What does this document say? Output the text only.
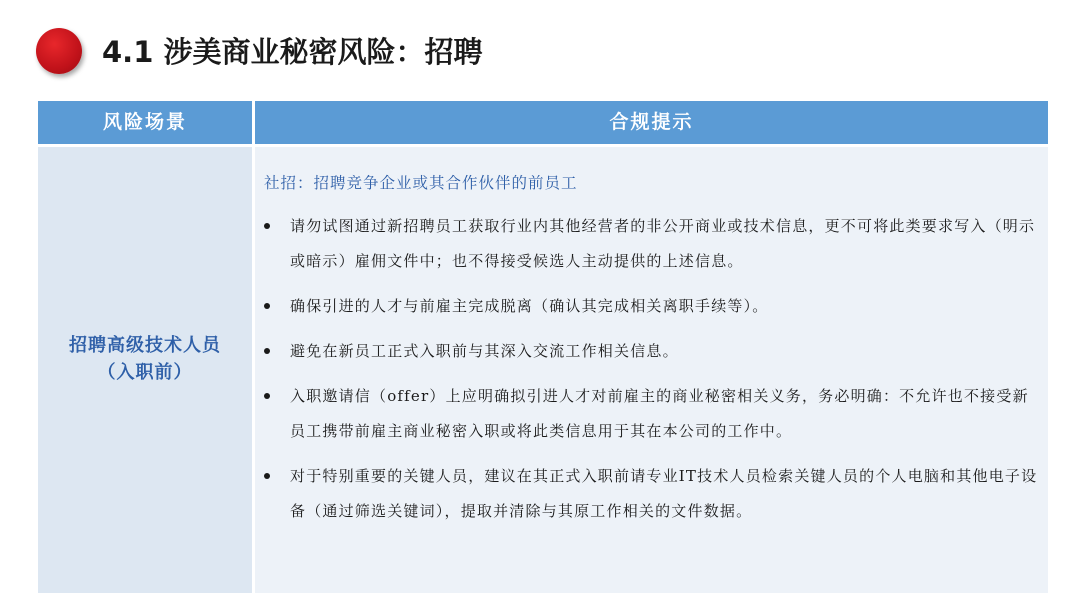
4.1 涉美商业秘密风险：招聘
风险场景	合规提示
招聘高级技术人员
（入职前）
社招：招聘竞争企业或其合作伙伴的前员工
请勿试图通过新招聘员工获取行业内其他经营者的非公开商业或技术信息，更不可将此类要求写入（明示或暗示）雇佣文件中；也不得接受候选人主动提供的上述信息。
确保引进的人才与前雇主完成脱离（确认其完成相关离职手续等）。
避免在新员工正式入职前与其深入交流工作相关信息。
入职邀请信（offer）上应明确拟引进人才对前雇主的商业秘密相关义务，务必明确：不允许也不接受新员工携带前雇主商业秘密入职或将此类信息用于其在本公司的工作中。
对于特别重要的关键人员，建议在其正式入职前请专业IT技术人员检索关键人员的个人电脑和其他电子设备（通过筛选关键词），提取并清除与其原工作相关的文件数据。
